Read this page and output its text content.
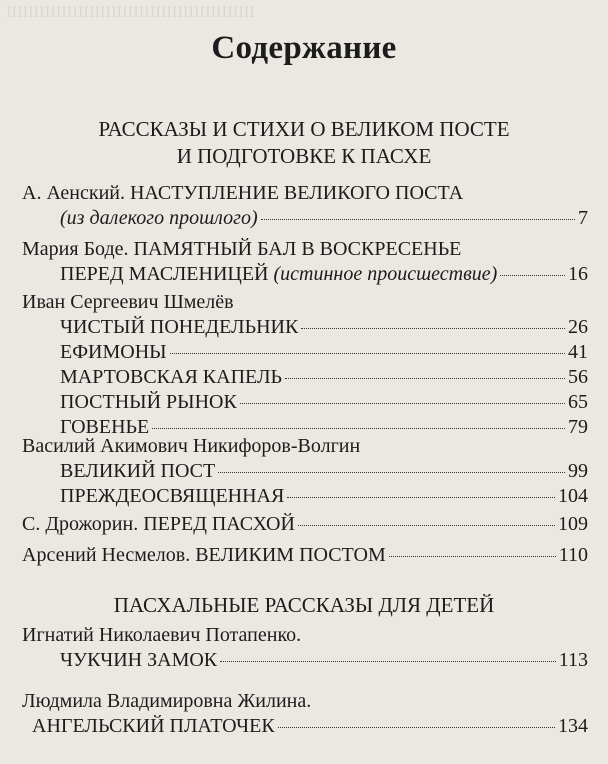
ⅠⅠⅠⅠⅠⅠⅠⅠⅠⅠⅠⅠⅠⅠⅠⅠⅠⅠⅠⅠⅠⅠⅠⅠⅠⅠⅠⅠⅠⅠⅠⅠⅠⅠⅠⅠⅠⅠⅠⅠⅠⅠⅠⅠⅠ
Содержание
РАССКАЗЫ И СТИХИ О ВЕЛИКОМ ПОСТЕ
И ПОДГОТОВКЕ К ПАСХЕ
А. Аенский.
НАСТУПЛЕНИЕ ВЕЛИКОГО ПОСТА
(из далекого прошлого)	7
Мария Боде.
ПАМЯТНЫЙ БАЛ В ВОСКРЕСЕНЬЕ
ПЕРЕД МАСЛЕНИЦЕЙ
(истинное происшествие)	16
Иван Сергеевич Шмелёв
ЧИСТЫЙ ПОНЕДЕЛЬНИК	26
ЕФИМОНЫ	41
МАРТОВСКАЯ КАПЕЛЬ	56
ПОСТНЫЙ РЫНОК	65
ГОВЕНЬЕ	79
Василий Акимович Никифоров-Волгин
ВЕЛИКИЙ ПОСТ	99
ПРЕЖДЕОСВЯЩЕННАЯ	104
С. Дрожорин.
ПЕРЕД ПАСХОЙ	109
Арсений Несмелов.
ВЕЛИКИМ ПОСТОМ	110
ПАСХАЛЬНЫЕ РАССКАЗЫ ДЛЯ ДЕТЕЙ
Игнатий Николаевич Потапенко.
ЧУКЧИН ЗАМОК	113
Людмила Владимировна Жилина.
АНГЕЛЬСКИЙ ПЛАТОЧЕК	134
